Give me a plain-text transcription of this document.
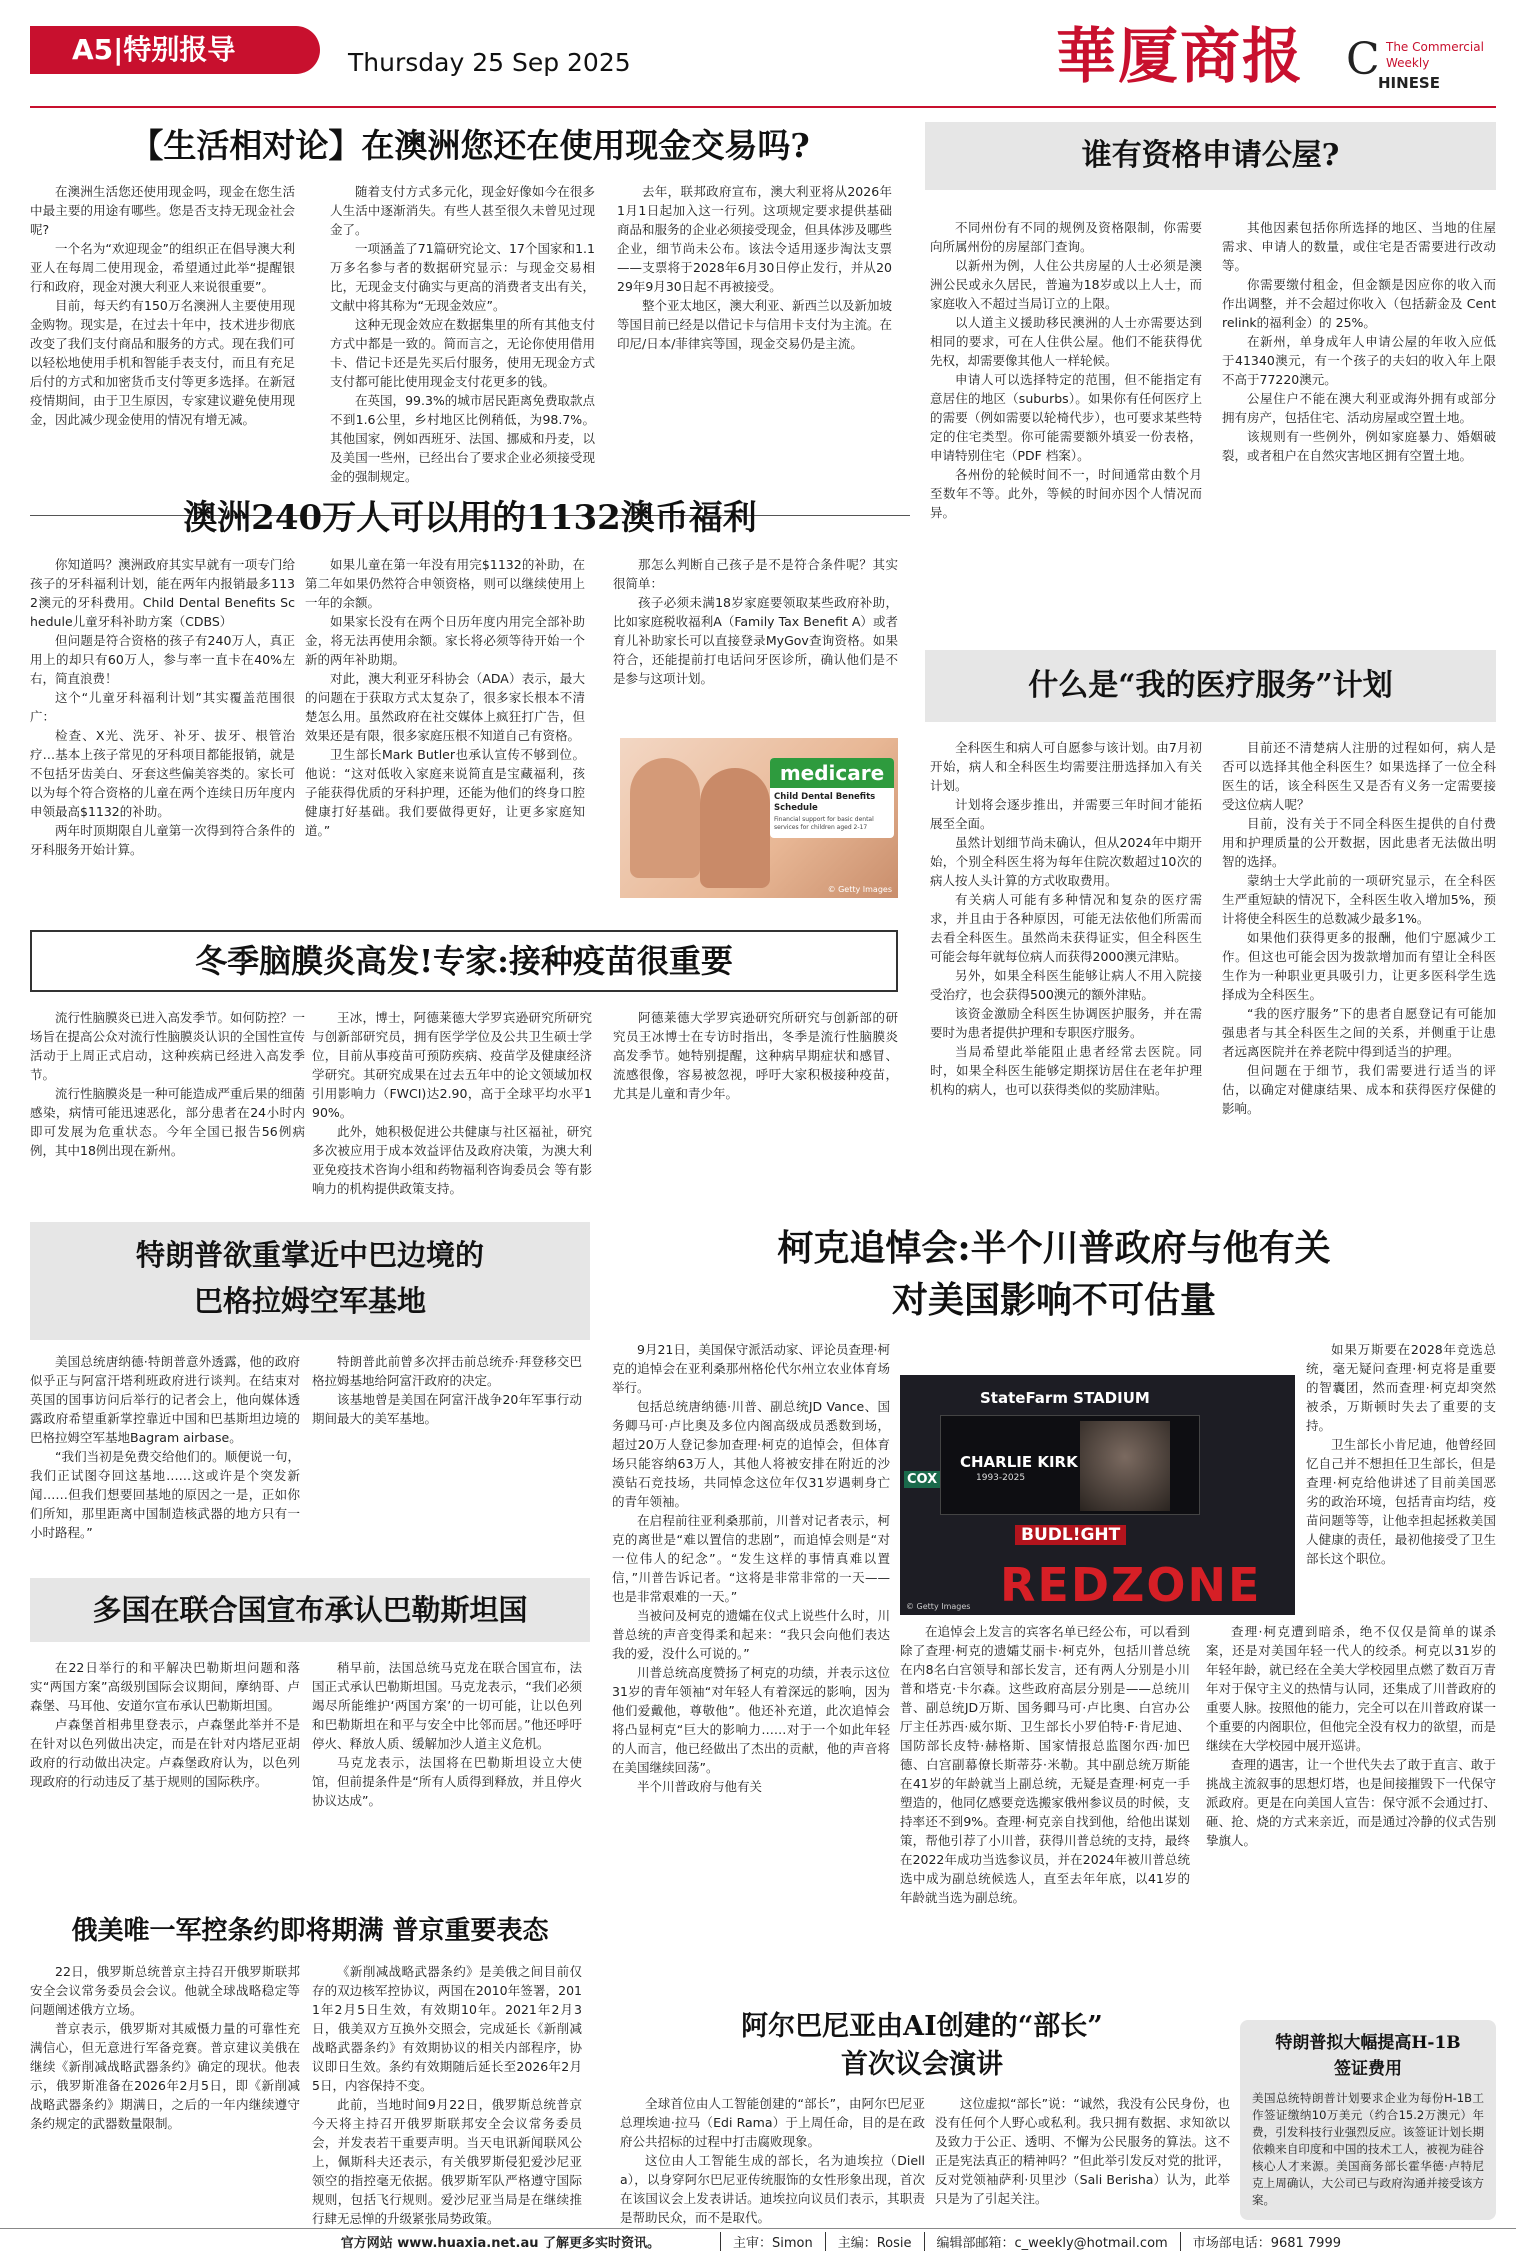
A5|特别报导	Thursday 25 Sep 2025	華厦商报 C The Commercial
Weekly
HINESE
【生活相对论】在澳洲您还在使用现金交易吗?

在澳洲生活您还使用现金吗，现金在您生活中最主要的用途有哪些。您是否支持无现金社会呢?

一个名为“欢迎现金”的组织正在倡导澳大利亚人在每周二使用现金，希望通过此举“提醒银行和政府，现金对澳大利亚人来说很重要”。

目前，每天约有150万名澳洲人主要使用现金购物。现实是，在过去十年中，技术进步彻底改变了我们支付商品和服务的方式。现在我们可以轻松地使用手机和智能手表支付，而且有充足后付的方式和加密货币支付等更多选择。在新冠疫情期间，由于卫生原因，专家建议避免使用现金，因此减少现金使用的情况有增无减。

随着支付方式多元化，现金好像如今在很多人生活中逐渐消失。有些人甚至很久未曾见过现金了。

一项涵盖了71篇研究论文、17个国家和1.1万多名参与者的数据研究显示：与现金交易相比，无现金支付确实与更高的消费者支出有关，文献中将其称为“无现金效应”。

这种无现金效应在数据集里的所有其他支付方式中都是一致的。简而言之，无论你使用借用卡、借记卡还是先买后付服务，使用无现金方式支付都可能比使用现金支付花更多的钱。

在英国，99.3%的城市居民距离免费取款点不到1.6公里，乡村地区比例稍低，为98.7%。其他国家，例如西班牙、法国、挪威和丹麦，以及美国一些州，已经出台了要求企业必须接受现金的强制规定。

去年，联邦政府宣布，澳大利亚将从2026年1月1日起加入这一行列。这项规定要求提供基础商品和服务的企业必须接受现金，但具体涉及哪些企业，细节尚未公布。该法令适用逐步淘汰支票——支票将于2028年6月30日停止发行，并从2029年9月30日起不再被接受。

整个亚太地区，澳大利亚、新西兰以及新加坡等国目前已经是以借记卡与信用卡支付为主流。在印尼/日本/菲律宾等国，现金交易仍是主流。

谁有资格申请公屋?

不同州份有不同的规例及资格限制，你需要向所属州份的房屋部门查询。

以新州为例，人住公共房屋的人士必须是澳洲公民或永久居民，普遍为18岁或以上人士，而家庭收入不超过当局订立的上限。

以人道主义援助移民澳洲的人士亦需要达到相同的要求，可在人住供公屋。他们不能获得优先权，却需要像其他人一样轮候。

申请人可以选择特定的范围，但不能指定有意居住的地区（suburbs）。如果你有任何医疗上的需要（例如需要以轮椅代步），也可要求某些特定的住宅类型。你可能需要额外填妥一份表格，申请特别住宅（PDF 档案）。

各州份的轮候时间不一，时间通常由数个月至数年不等。此外，等候的时间亦因个人情况而异。

其他因素包括你所选择的地区、当地的住屋需求、申请人的数量，或住宅是否需要进行改动等。

你需要缴付租金，但金额是因应你的收入而作出调整，并不会超过你收入（包括薪金及 Centrelink的福利金）的 25%。

在新州，单身成年人申请公屋的年收入应低于41340澳元，有一个孩子的夫妇的收入年上限不高于77220澳元。

公屋住户不能在澳大利亚或海外拥有或部分拥有房产，包括住宅、活动房屋或空置土地。

该规则有一些例外，例如家庭暴力、婚姻破裂，或者租户在自然灾害地区拥有空置土地。

澳洲240万人可以用的1132澳币福利

你知道吗？澳洲政府其实早就有一项专门给孩子的牙科福利计划，能在两年内报销最多1132澳元的牙科费用。Child Dental Benefits Schedule儿童牙科补助方案（CDBS）

但问题是符合资格的孩子有240万人，真正用上的却只有60万人，参与率一直卡在40%左右，简直浪费！

这个“儿童牙科福利计划”其实覆盖范围很广：

检查、X光、洗牙、补牙、拔牙、根管治疗…基本上孩子常见的牙科项目都能报销，就是不包括牙齿美白、牙套这些偏美容类的。家长可以为每个符合资格的儿童在两个连续日历年度内申领最高$1132的补助。

两年时顶期限自儿童第一次得到符合条件的牙科服务开始计算。

如果儿童在第一年没有用完$1132的补助，在第二年如果仍然符合申领资格，则可以继续使用上一年的余额。

如果家长没有在两个日历年度内用完全部补助金，将无法再使用余额。家长将必须等待开始一个新的两年补助期。

对此，澳大利亚牙科协会（ADA）表示，最大的问题在于获取方式太复杂了，很多家长根本不清楚怎么用。虽然政府在社交媒体上疯狂打广告，但效果还是有限，很多家庭压根不知道自己有资格。

卫生部长Mark Butler也承认宣传不够到位。他说：“这对低收入家庭来说简直是宝藏福利，孩子能获得优质的牙科护理，还能为他们的终身口腔健康打好基础。我们要做得更好，让更多家庭知道。”

那怎么判断自己孩子是不是符合条件呢？其实很简单：

孩子必须未满18岁家庭要领取某些政府补助，比如家庭税收福利A（Family Tax Benefit A）或者育儿补助家长可以直接登录MyGov查询资格。如果符合，还能提前打电话问牙医诊所，确认他们是不是参与这项计划。

medicare
Child Dental Benefits Schedule
Financial support for basic dental services for children aged 2-17
© Getty Images
什么是“我的医疗服务”计划

全科医生和病人可自愿参与该计划。由7月初开始，病人和全科医生均需要注册选择加入有关计划。

计划将会逐步推出，并需要三年时间才能拓展至全面。

虽然计划细节尚未确认，但从2024年中期开始，个别全科医生将为每年住院次数超过10次的病人按人头计算的方式收取费用。

有关病人可能有多种情况和复杂的医疗需求，并且由于各种原因，可能无法依他们所需而去看全科医生。虽然尚未获得证实，但全科医生可能会每年就每位病人而获得2000澳元津贴。

另外，如果全科医生能够让病人不用入院接受治疗，也会获得500澳元的额外津贴。

该资金激励全科医生协调医护服务，并在需要时为患者提供护理和专职医疗服务。

当局希望此举能阻止患者经常去医院。同时，如果全科医生能够定期探访居住在老年护理机构的病人，也可以获得类似的奖励津贴。

目前还不清楚病人注册的过程如何，病人是否可以选择其他全科医生？如果选择了一位全科医生的话，该全科医生又是否有义务一定需要接受这位病人呢？

目前，没有关于不同全科医生提供的自付费用和护理质量的公开数据，因此患者无法做出明智的选择。

蒙纳士大学此前的一项研究显示，在全科医生严重短缺的情况下，全科医生收入增加5%，预计将使全科医生的总数减少最多1%。

如果他们获得更多的报酬，他们宁愿减少工作。但这也可能会因为拨款增加而有望让全科医生作为一种职业更具吸引力，让更多医科学生选择成为全科医生。

“我的医疗服务”下的患者自愿登记有可能加强患者与其全科医生之间的关系，并侧重于让患者远离医院并在养老院中得到适当的护理。

但问题在于细节，我们需要进行适当的评估，以确定对健康结果、成本和获得医疗保健的影响。

冬季脑膜炎高发!专家:接种疫苗很重要

流行性脑膜炎已进入高发季节。如何防控？一场旨在提高公众对流行性脑膜炎认识的全国性宣传活动于上周正式启动，这种疾病已经进入高发季节。

流行性脑膜炎是一种可能造成严重后果的细菌感染，病情可能迅速恶化，部分患者在24小时内即可发展为危重状态。今年全国已报告56例病例，其中18例出现在新州。

王冰，博士，阿德莱德大学罗宾逊研究所研究与创新部研究员，拥有医学学位及公共卫生硕士学位，目前从事疫苗可预防疾病、疫苗学及健康经济学研究。其研究成果在过去五年中的论文领域加权引用影响力（FWCI)达2.90，高于全球平均水平190%。

此外，她积极促进公共健康与社区福祉，研究多次被应用于成本效益评估及政府决策，为澳大利亚免疫技术咨询小组和药物福利咨询委员会 等有影响力的机构提供政策支持。

阿德莱德大学罗宾逊研究所研究与创新部的研究员王冰博士在专访时指出，冬季是流行性脑膜炎高发季节。她特别提醒，这种病早期症状和感冒、流感很像，容易被忽视，呼吁大家积极接种疫苗，尤其是儿童和青少年。

特朗普欲重掌近中巴边境的
巴格拉姆空军基地

美国总统唐纳德·特朗普意外透露，他的政府似乎正与阿富汗塔利班政府进行谈判。在结束对英国的国事访问后举行的记者会上，他向媒体透露政府希望重新掌控靠近中国和巴基斯坦边境的巴格拉姆空军基地Bagram airbase。

“我们当初是免费交给他们的。顺便说一句，我们正试图夺回这基地……这或许是个突发新闻……但我们想要回基地的原因之一是，正如你们所知，那里距离中国制造核武器的地方只有一小时路程。”

特朗普此前曾多次抨击前总统乔·拜登移交巴格拉姆基地给阿富汗政府的决定。

该基地曾是美国在阿富汗战争20年军事行动期间最大的美军基地。

多国在联合国宣布承认巴勒斯坦国

在22日举行的和平解决巴勒斯坦问题和落实“两国方案”高级别国际会议期间，摩纳哥、卢森堡、马耳他、安道尔宣布承认巴勒斯坦国。

卢森堡首相弗里登表示，卢森堡此举并不是在针对以色列做出决定，而是在针对内塔尼亚胡政府的行动做出决定。卢森堡政府认为，以色列现政府的行动违反了基于规则的国际秩序。

稍早前，法国总统马克龙在联合国宣布，法国正式承认巴勒斯坦国。马克龙表示，“我们必须竭尽所能维护‘两国方案’的一切可能，让以色列和巴勒斯坦在和平与安全中比邻而居。”他还呼吁停火、释放人质、缓解加沙人道主义危机。

马克龙表示，法国将在巴勒斯坦设立大使馆，但前提条件是“所有人质得到释放，并且停火协议达成”。

俄美唯一军控条约即将期满 普京重要表态

22日，俄罗斯总统普京主持召开俄罗斯联邦安全会议常务委员会会议。他就全球战略稳定等问题阐述俄方立场。

普京表示，俄罗斯对其威慑力量的可靠性充满信心，但无意进行军备竞赛。普京建议美俄在继续《新削减战略武器条约》确定的现状。他表示，俄罗斯准备在2026年2月5日，即《新削减战略武器条约》期满日，之后的一年内继续遵守条约规定的武器数量限制。

《新削减战略武器条约》是美俄之间目前仅存的双边核军控协议，两国在2010年签署，2011年2月5日生效，有效期10年。2021年2月3日，俄美双方互换外交照会，完成延长《新削减战略武器条约》有效期协议的相关内部程序，协议即日生效。条约有效期随后延长至2026年2月5日，内容保持不变。

此前，当地时间9月22日，俄罗斯总统普京今天将主持召开俄罗斯联邦安全会议常务委员会，并发表若干重要声明。当天电讯新闻联风公上，佩斯科夫还表示，有关俄罗斯侵犯爱沙尼亚领空的指控毫无依据。俄罗斯军队严格遵守国际规则，包括飞行规则。爱沙尼亚当局是在继续推行肆无忌惮的升级紧张局势政策。

柯克追悼会:半个川普政府与他有关
对美国影响不可估量

9月21日，美国保守派活动家、评论员查理·柯克的追悼会在亚利桑那州格伦代尔州立农业体育场举行。

包括总统唐纳德·川普、副总统JD Vance、国务卿马可·卢比奥及多位内阁高级成员悉数到场，超过20万人登记参加查理·柯克的追悼会，但体育场只能容纳63万人，其他人将被安排在附近的沙漠钻石竞技场，共同悼念这位年仅31岁遇刺身亡的青年领袖。

在启程前往亚利桑那前，川普对记者表示，柯克的离世是“难以置信的悲剧”，而追悼会则是“对一位伟人的纪念”。“发生这样的事情真难以置信，”川普告诉记者。“这将是非常非常的一天——也是非常艰难的一天。”

当被问及柯克的遗孀在仪式上说些什么时，川普总统的声音变得柔和起来：“我只会向他们表达我的爱，没什么可说的。”

川普总统高度赞扬了柯克的功绩，并表示这位31岁的青年领袖“对年轻人有着深远的影响，因为他们爱戴他，尊敬他”。他还补充道，此次追悼会将凸显柯克“巨大的影响力……对于一个如此年轻的人而言，他已经做出了杰出的贡献，他的声音将在美国继续回荡”。

半个川普政府与他有关

StateFarm STADIUM
CHARLIE KIRK
1993-2025
COX
BUDL!GHT
REDZONE
© Getty Images

如果万斯要在2028年竞选总统，毫无疑问查理·柯克将是重要的智囊团，然而查理·柯克却突然被杀，万斯顿时失去了重要的支持。

卫生部长小肯尼迪，他曾经回忆自己并不想担任卫生部长，但是查理·柯克给他讲述了目前美国恶劣的政治环境，包括青亩均结，疫苗问题等等，让他幸担起拯救美国人健康的责任，最初他接受了卫生部长这个职位。

在追悼会上发言的宾客名单已经公布，可以看到除了查理·柯克的遗孀艾丽卡·柯克外，包括川普总统在内8名白宫领导和部长发言，还有两人分别是小川普和塔克·卡尔森。这些政府高层分别是——总统川普、副总统JD万斯、国务卿马可·卢比奥、白宫办公厅主任苏西·威尔斯、卫生部长小罗伯特·F·肯尼迪、国防部长皮特·赫格斯、国家情报总监图尔西·加巴德、白宫副幕僚长斯蒂芬·米勒。其中副总统万斯能在41岁的年龄就当上副总统，无疑是查理·柯克一手塑造的，他同亿感要竞选搬家俄州参议员的时候，支持率还不到9%。查理·柯克亲自找到他，给他出谋划策，帮他引荐了小川普，获得川普总统的支持，最终在2022年成功当选参议员，并在2024年被川普总统选中成为副总统候选人，直至去年年底，以41岁的年龄就当选为副总统。

查理·柯克遭到暗杀，绝不仅仅是简单的谋杀案，还是对美国年轻一代人的绞杀。柯克以31岁的年轻年龄，就已经在全美大学校园里点燃了数百万青年对于保守主义的热情与认同，还集成了川普政府的重要人脉。按照他的能力，完全可以在川普政府谋一个重要的内阁职位，但他完全没有权力的欲望，而是继续在大学校园中展开巡讲。

查理的遇害，让一个世代失去了敢于直言、敢于挑战主流叙事的思想灯塔，也是间接摧毁下一代保守派政府。更是在向美国人宣告：保守派不会通过打、砸、抢、烧的方式来亲近，而是通过冷静的仪式告别挚旗人。

阿尔巴尼亚由AI创建的“部长”
首次议会演讲

全球首位由人工智能创建的“部长”，由阿尔巴尼亚总理埃迪·拉马（Edi Rama）于上周任命，目的是在政府公共招标的过程中打击腐败现象。

这位由人工智能生成的部长，名为迪埃拉（Diella），以身穿阿尔巴尼亚传统服饰的女性形象出现，首次在该国议会上发表讲话。迪埃拉向议员们表示，其职责是帮助民众，而不是取代。

这位虚拟“部长”说：“诚然，我没有公民身份，也没有任何个人野心或私利。我只拥有数据、求知欲以及致力于公正、透明、不懈为公民服务的算法。这不正是宪法真正的精神吗？”但此举引发反对党的批评，反对党领袖萨利·贝里沙（Sali Berisha）认为，此举只是为了引起关注。

特朗普拟大幅提高H-1B
签证费用
美国总统特朗普计划要求企业为每份H-1B工作签证缴纳10万美元（约合15.2万澳元）年费，引发科技行业强烈反应。该签证计划长期依赖来自印度和中国的技术工人，被视为硅谷核心人才来源。美国商务部长霍华德·卢特尼克上周确认，大公司已与政府沟通并接受该方案。
官方网站 www.huaxia.net.au 了解更多实时资讯。	主审：Simon	主编：Rosie	编辑部邮箱：c_weekly@hotmail.com	市场部电话：9681 7999
